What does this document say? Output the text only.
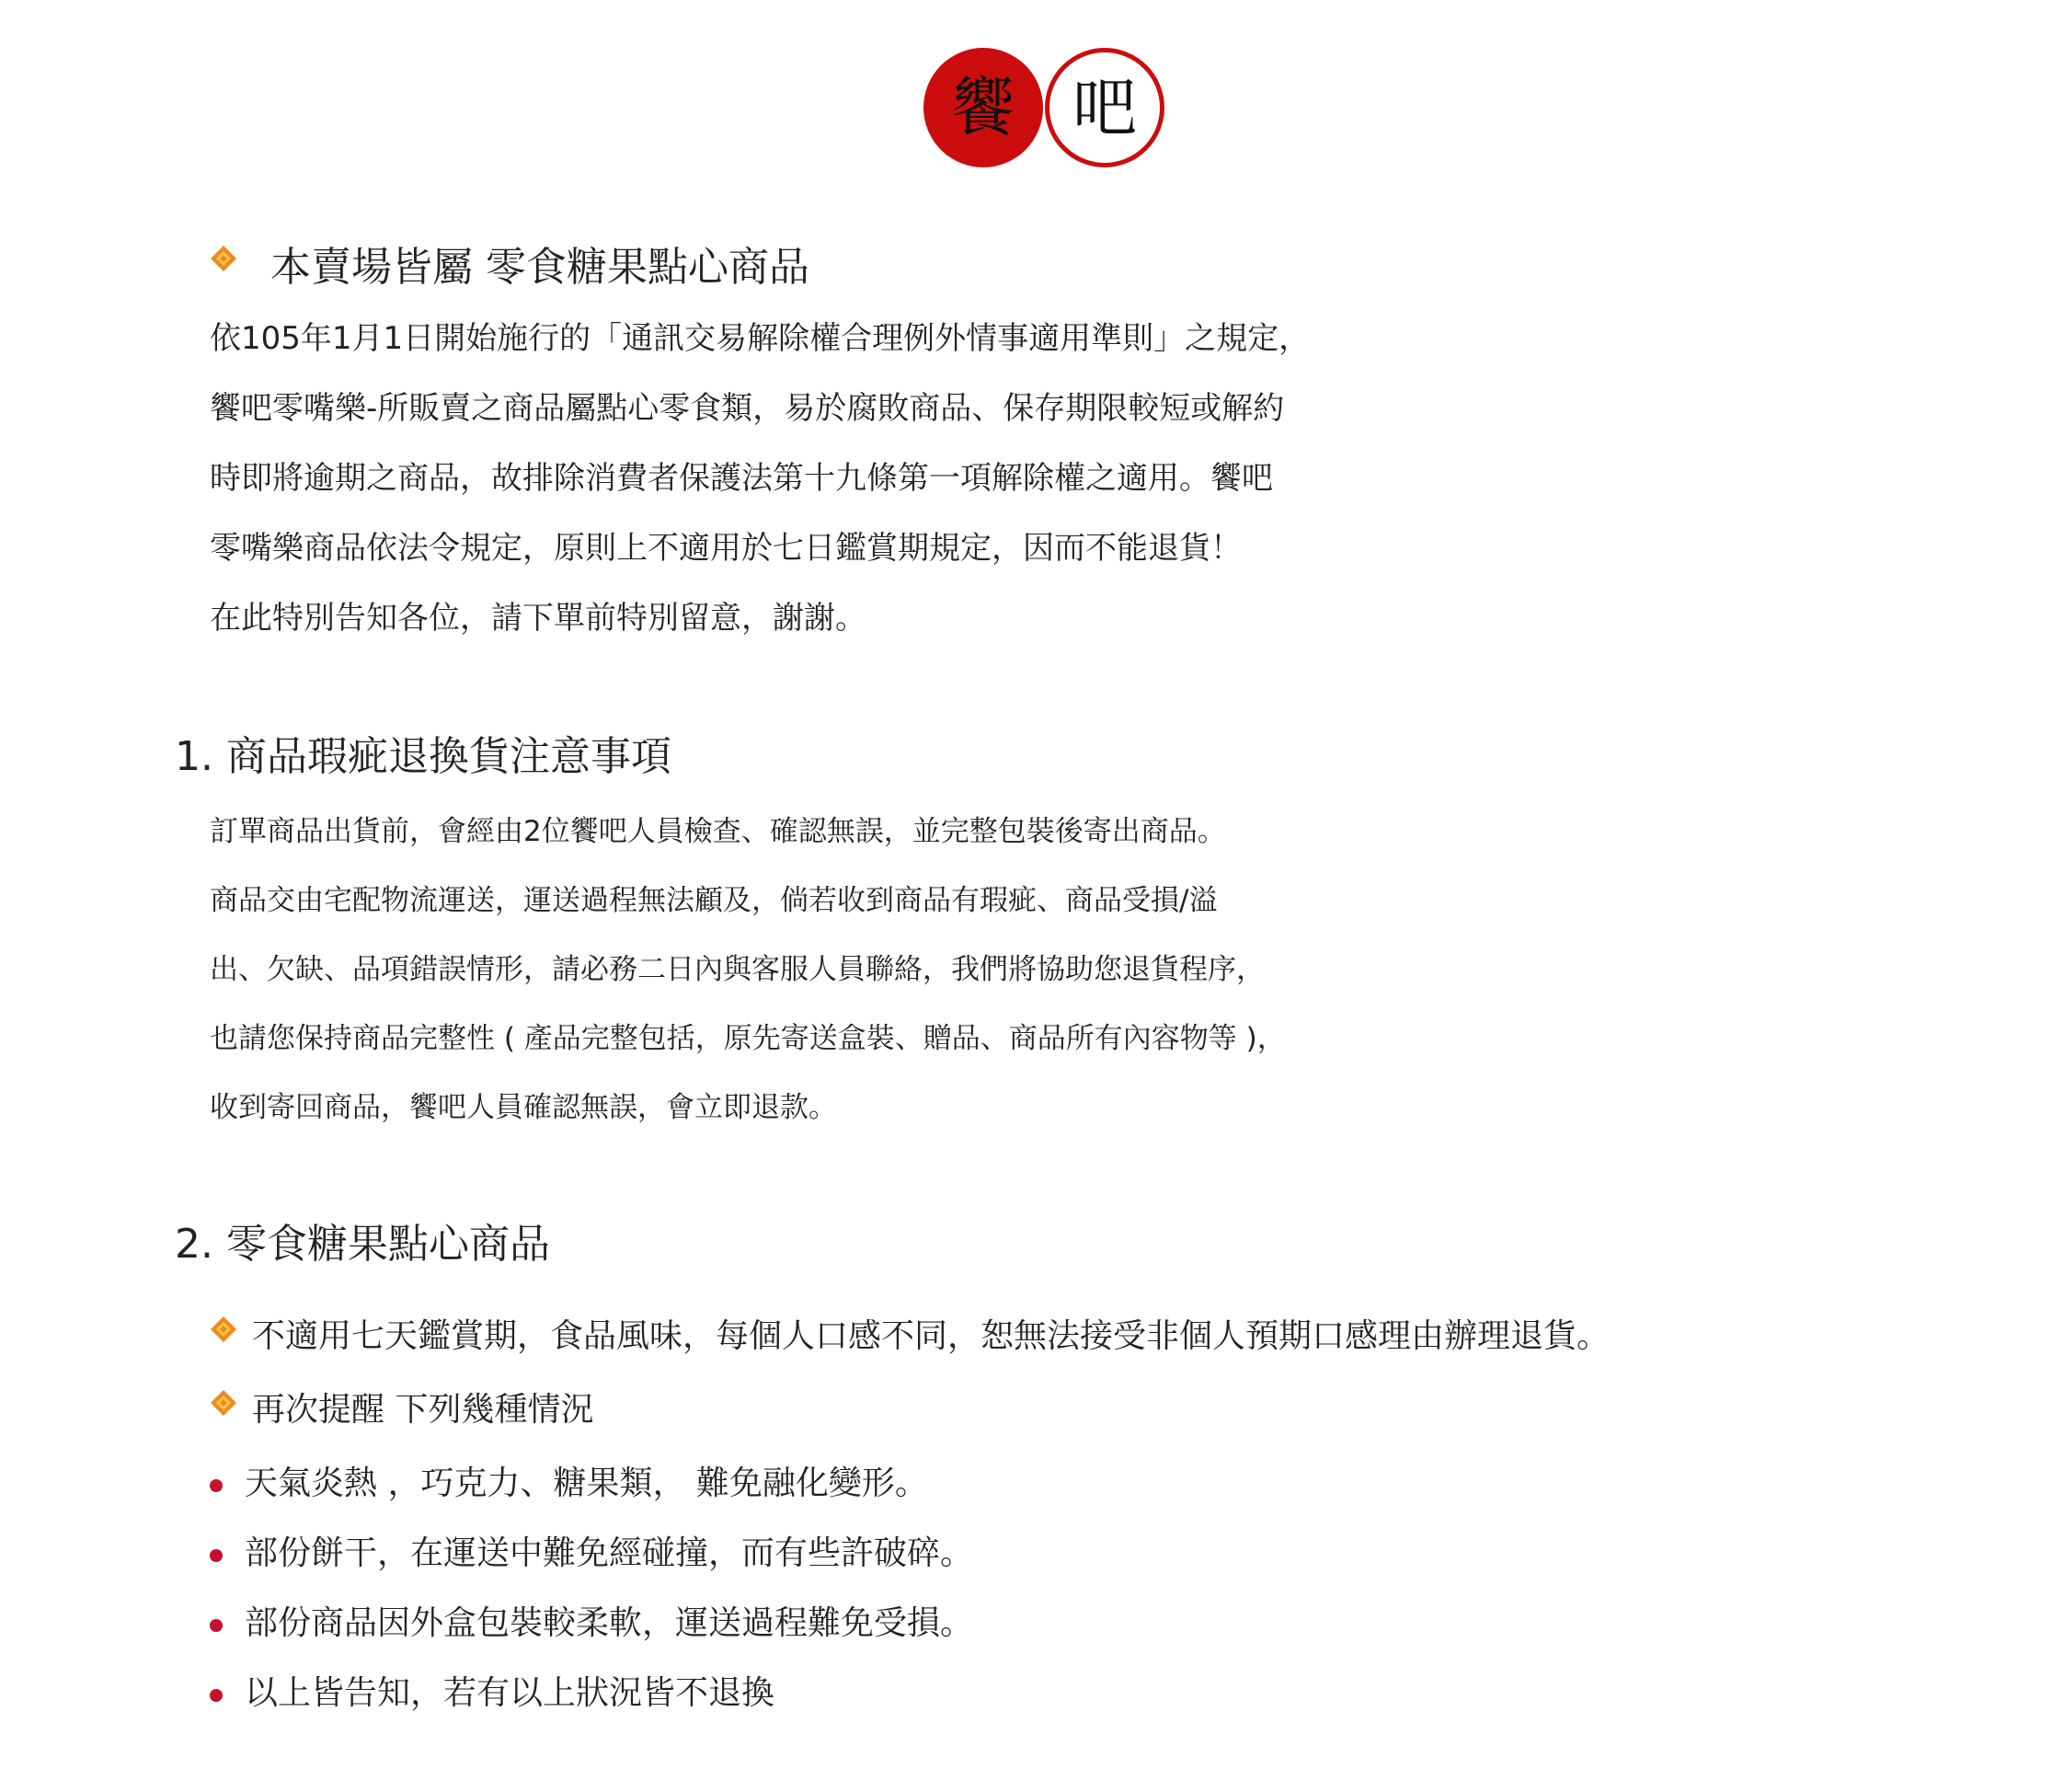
饗 吧
本賣場皆屬 零食糖果點心商品
依105年1月1日開始施行的「通訊交易解除權合理例外情事適用準則」之規定，
饗吧零嘴樂-所販賣之商品屬點心零食類，易於腐敗商品、保存期限較短或解約
時即將逾期之商品，故排除消費者保護法第十九條第一項解除權之適用。饗吧
零嘴樂商品依法令規定，原則上不適用於七日鑑賞期規定，因而不能退貨！
在此特別告知各位，請下單前特別留意，謝謝。
1. 商品瑕疵退換貨注意事項
訂單商品出貨前，會經由2位饗吧人員檢查、確認無誤，並完整包裝後寄出商品。
商品交由宅配物流運送，運送過程無法顧及，倘若收到商品有瑕疵、商品受損/溢
出、欠缺、品項錯誤情形，請必務二日內與客服人員聯絡，我們將協助您退貨程序，
也請您保持商品完整性 ( 產品完整包括，原先寄送盒裝、贈品、商品所有內容物等 )，
收到寄回商品，饗吧人員確認無誤，會立即退款。
2. 零食糖果點心商品
不適用七天鑑賞期，食品風味，每個人口感不同，恕無法接受非個人預期口感理由辦理退貨。
再次提醒 下列幾種情況
天氣炎熱 ，巧克力、糖果類， 難免融化變形。
部份餅干，在運送中難免經碰撞，而有些許破碎。
部份商品因外盒包裝較柔軟，運送過程難免受損。
以上皆告知，若有以上狀況皆不退換
